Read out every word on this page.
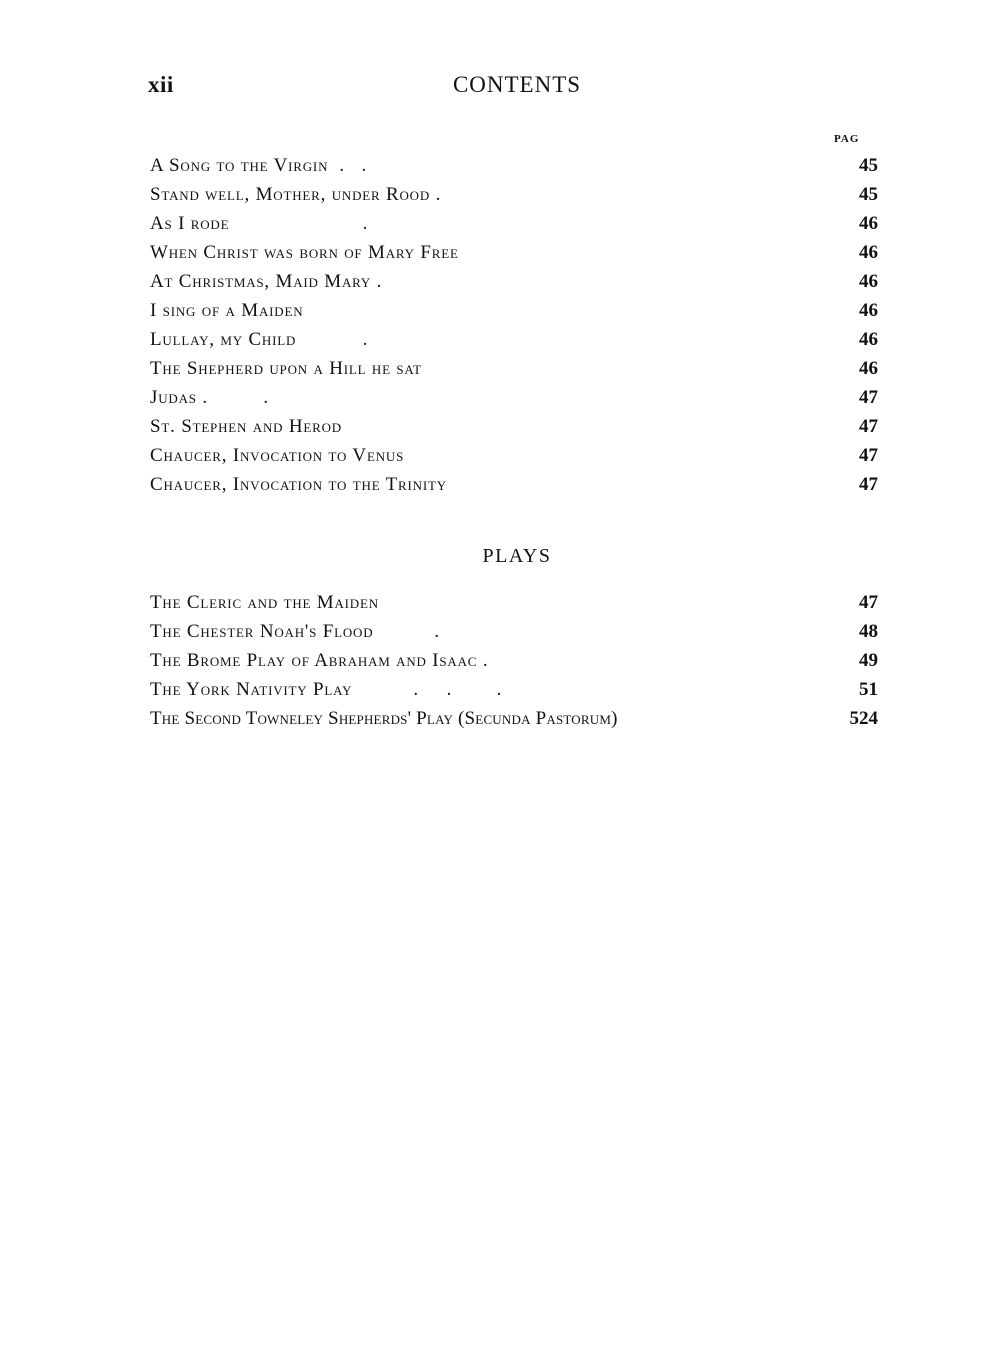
xii	CONTENTS
PAG
A Song to the Virgin  .   .	45
Stand well, Mother, under Rood .	45
As I rode                        .	46
When Christ was born of Mary Free	46
At Christmas, Maid Mary .	46
I sing of a Maiden	46
Lullay, my Child            .	46
The Shepherd upon a Hill he sat	46
Judas .          .	47
St. Stephen and Herod	47
Chaucer, Invocation to Venus	47
Chaucer, Invocation to the Trinity	47
PLAYS
The Cleric and the Maiden	47
The Chester Noah's Flood           .	48
The Brome Play of Abraham and Isaac .	49
The York Nativity Play           .     .        .	51
The Second Towneley Shepherds' Play (Secunda Pastorum)	524
